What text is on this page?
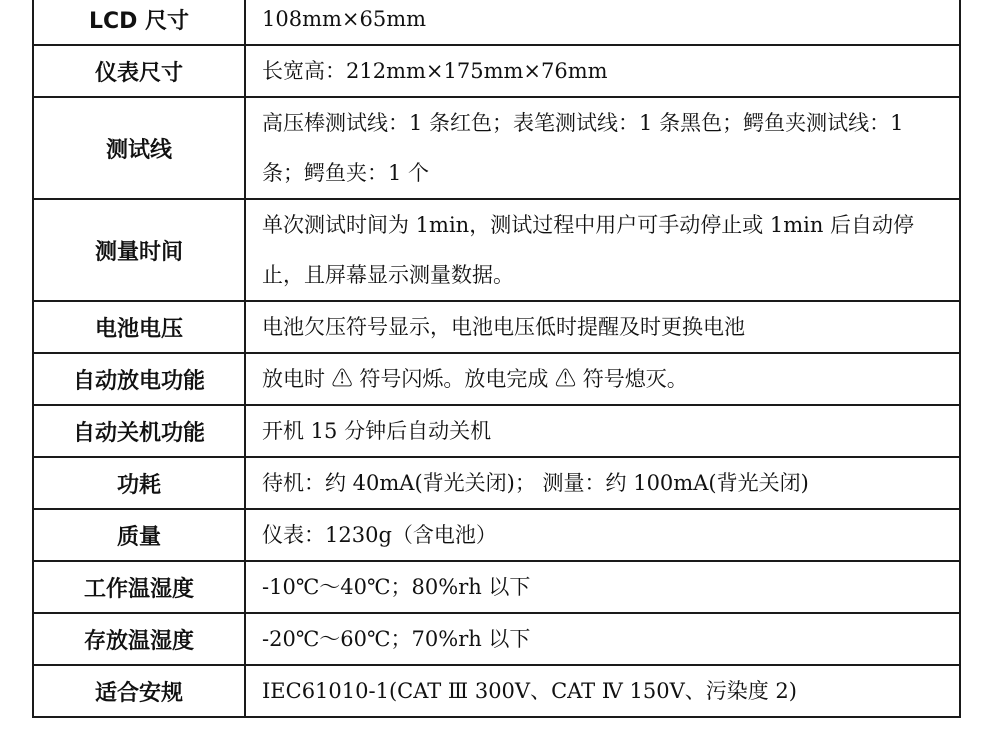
LCD 尺寸	108mm×65mm
仪表尺寸	长宽高：212mm×175mm×76mm
测试线	高压棒测试线：1 条红色；表笔测试线：1 条黑色；鳄鱼夹测试线：1 条；鳄鱼夹：1 个
测量时间	单次测试时间为 1min，测试过程中用户可手动停止或 1min 后自动停止，且屏幕显示测量数据。
电池电压	电池欠压符号显示，电池电压低时提醒及时更换电池
自动放电功能	放电时 ⚠ 符号闪烁。放电完成 ⚠ 符号熄灭。
自动关机功能	开机 15 分钟后自动关机
功耗	待机：约 40mA(背光关闭)； 测量：约 100mA(背光关闭)
质量	仪表：1230g（含电池）
工作温湿度	-10℃～40℃；80%rh 以下
存放温湿度	-20℃～60℃；70%rh 以下
适合安规	IEC61010-1(CAT Ⅲ 300V、CAT Ⅳ 150V、污染度 2)
